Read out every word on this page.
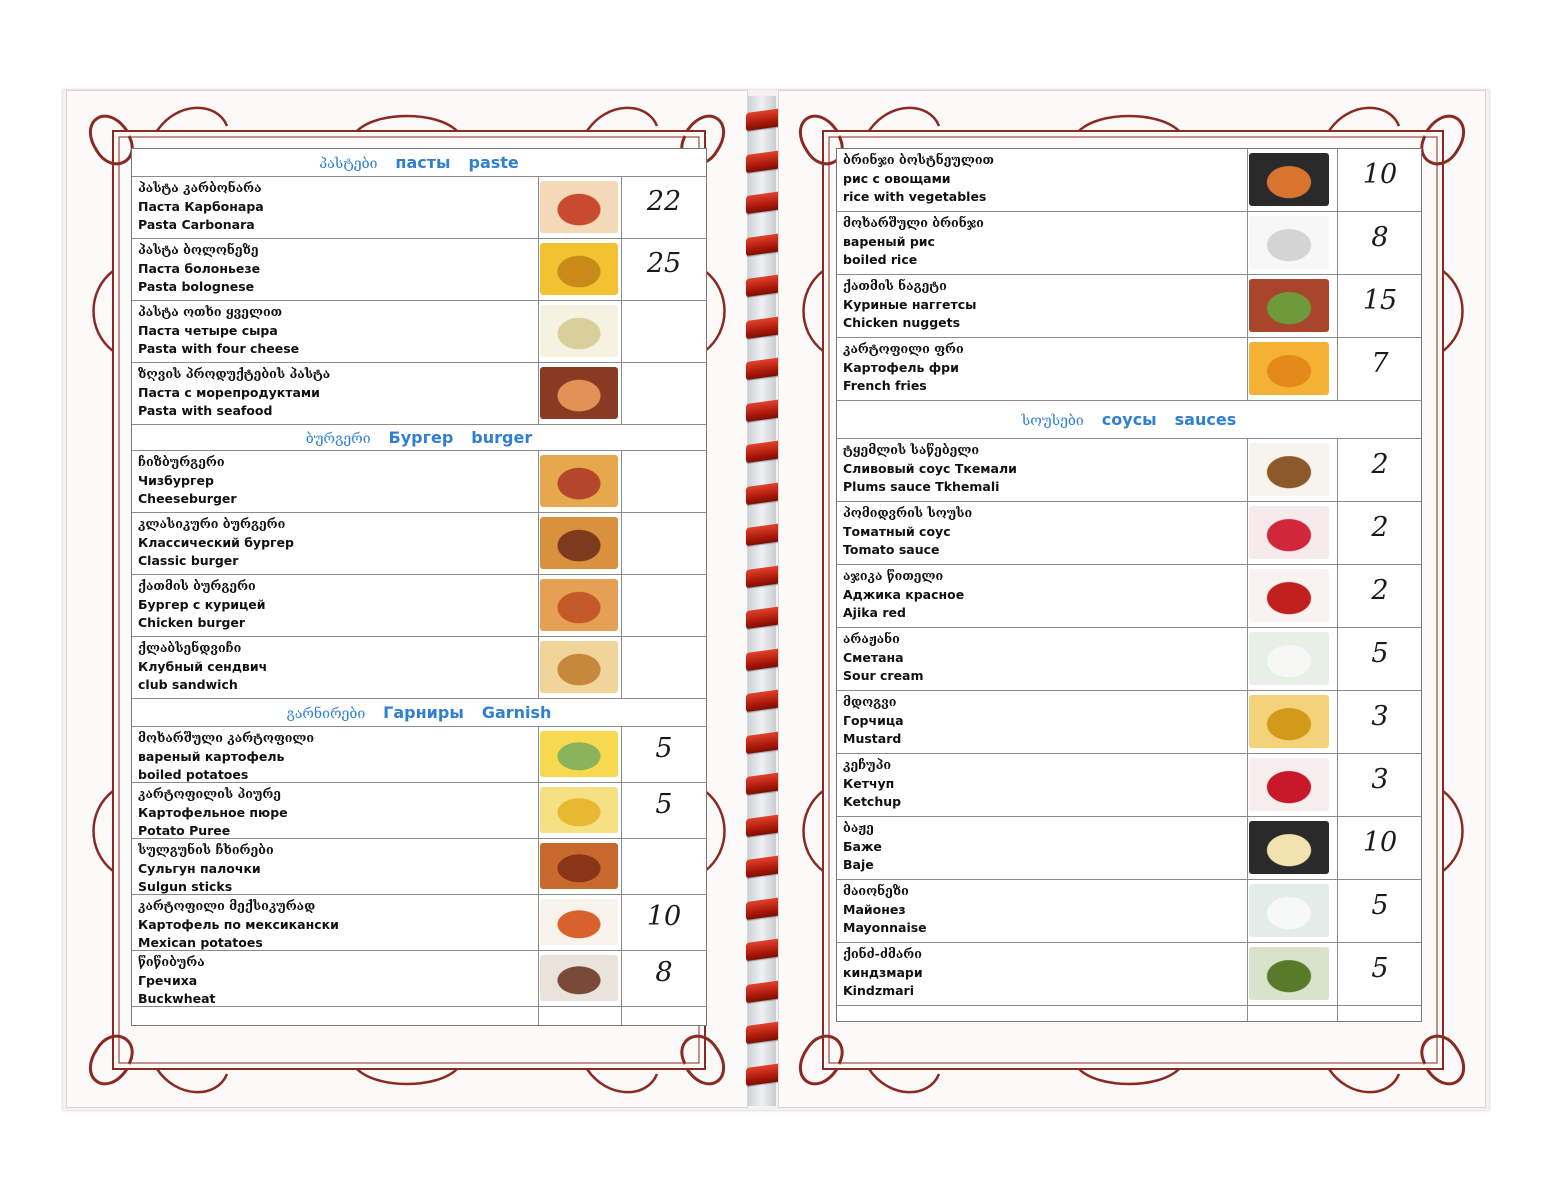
პასტები пасты paste
პასტა კარბონარა
Паста Карбонара
Pasta Carbonara
22
პასტა ბოლონეზე
Паста болоньезе
Pasta bolognese
25
პასტა ოთხი ყველით
Паста четыре сыра
Pasta with four cheese
ზღვის პროდუქტების პასტა
Паста с морепродуктами
Pasta with seafood
ბურგერი Бургер burger
ჩიზბურგერი
Чизбургер
Cheeseburger
კლასიკური ბურგერი
Классический бургер
Classic burger
ქათმის ბურგერი
Бургер с курицей
Chicken burger
ქლაბსენდვიჩი
Клубный сендвич
club sandwich
გარნირები Гарниры Garnish
მოხარშული კარტოფილი
вареный картофель
boiled potatoes
5
კარტოფილის პიურე
Картофельное пюре
Potato Puree
5
სულგუნის ჩხირები
Сульгун палочки
Sulgun sticks
კარტოფილი მექსიკურად
Картофель по мексикански
Mexican potatoes
10
წიწიბურა
Гречиха
Buckwheat
8
ბრინჯი ბოსტნეულით
рис с овощами
rice with vegetables
10
მოხარშული ბრინჯი
вареный рис
boiled rice
8
ქათმის ნაგეტი
Куриные наггетсы
Chicken nuggets
15
კარტოფილი ფრი
Картофель фри
French fries
7
სოუსები соусы sauces
ტყემლის საწებელი
Сливовый соус Ткемали
Plums sauce Tkhemali
2
პომიდვრის სოუსი
Томатный соус
Tomato sauce
2
აჯიკა წითელი
Аджика красное
Ajika red
2
არაჟანი
Сметана
Sour cream
5
მდოგვი
Горчица
Mustard
3
კეჩუპი
Кетчуп
Ketchup
3
ბაჟე
Баже
Baje
10
მაიონეზი
Майонез
Mayonnaise
5
ქინძ-ძმარი
киндзмари
Kindzmari
5
